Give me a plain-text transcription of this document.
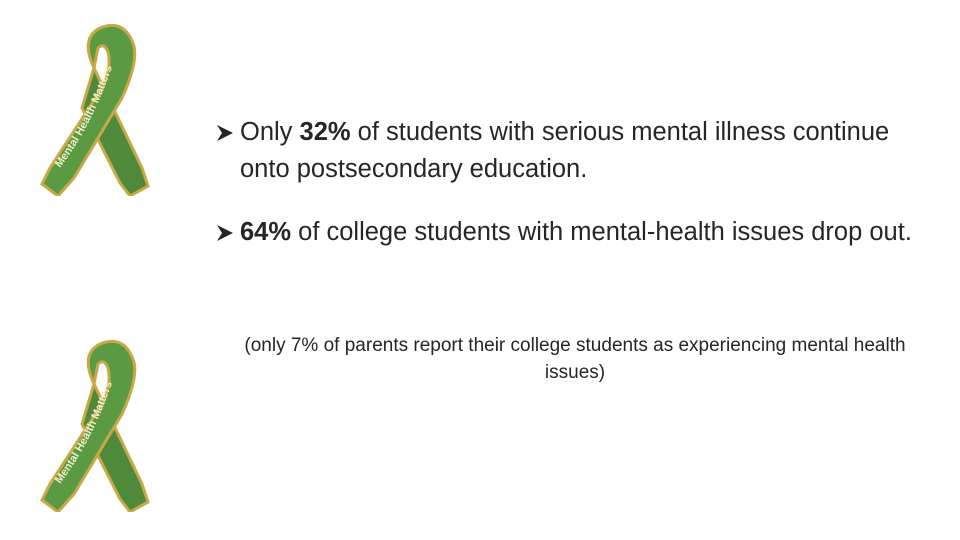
Mental Health Matters
Mental Health Matters
Only 32% of students with serious mental illness continue onto postsecondary education.
64% of college students with mental-health issues drop out.
(only 7% of parents report their college students as experiencing mental health issues)
